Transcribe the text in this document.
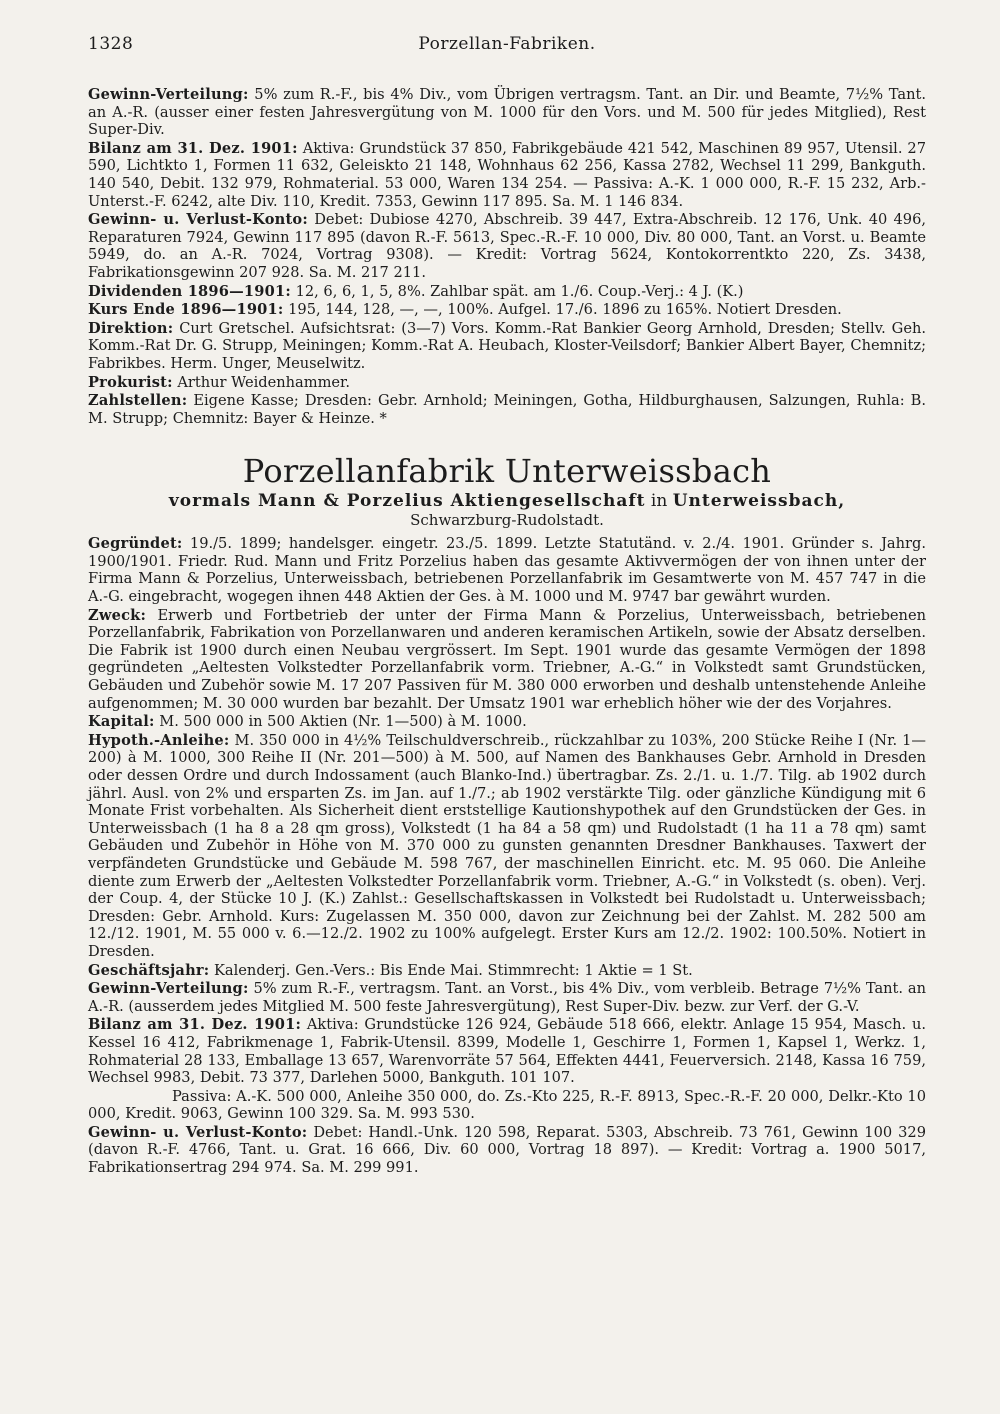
1328	Porzellan-Fabriken.

Gewinn-Verteilung: 5% zum R.-F., bis 4% Div., vom Übrigen vertragsm. Tant. an Dir. und Beamte, 7½% Tant. an A.-R. (ausser einer festen Jahresvergütung von M. 1000 für den Vors. und M. 500 für jedes Mitglied), Rest Super-Div.

Bilanz am 31. Dez. 1901: Aktiva: Grundstück 37 850, Fabrikgebäude 421 542, Maschinen 89 957, Utensil. 27 590, Lichtkto 1, Formen 11 632, Geleiskto 21 148, Wohnhaus 62 256, Kassa 2782, Wechsel 11 299, Bankguth. 140 540, Debit. 132 979, Rohmaterial. 53 000, Waren 134 254. — Passiva: A.-K. 1 000 000, R.-F. 15 232, Arb.-Unterst.-F. 6242, alte Div. 110, Kredit. 7353, Gewinn 117 895. Sa. M. 1 146 834.

Gewinn- u. Verlust-Konto: Debet: Dubiose 4270, Abschreib. 39 447, Extra-Abschreib. 12 176, Unk. 40 496, Reparaturen 7924, Gewinn 117 895 (davon R.-F. 5613, Spec.-R.-F. 10 000, Div. 80 000, Tant. an Vorst. u. Beamte 5949, do. an A.-R. 7024, Vortrag 9308). — Kredit: Vortrag 5624, Kontokorrentkto 220, Zs. 3438, Fabrikationsgewinn 207 928. Sa. M. 217 211.

Dividenden 1896—1901: 12, 6, 6, 1, 5, 8%. Zahlbar spät. am 1./6. Coup.-Verj.: 4 J. (K.)

Kurs Ende 1896—1901: 195, 144, 128, —, —, 100%. Aufgel. 17./6. 1896 zu 165%. Notiert Dresden.

Direktion: Curt Gretschel. Aufsichtsrat: (3—7) Vors. Komm.-Rat Bankier Georg Arnhold, Dresden; Stellv. Geh. Komm.-Rat Dr. G. Strupp, Meiningen; Komm.-Rat A. Heubach, Kloster-Veilsdorf; Bankier Albert Bayer, Chemnitz; Fabrikbes. Herm. Unger, Meuselwitz.

Prokurist: Arthur Weidenhammer.

Zahlstellen: Eigene Kasse; Dresden: Gebr. Arnhold; Meiningen, Gotha, Hildburghausen, Salzungen, Ruhla: B. M. Strupp; Chemnitz: Bayer & Heinze. *

Porzellanfabrik Unterweissbach
vormals Mann & Porzelius Aktiengesellschaft in Unterweissbach,
Schwarzburg-Rudolstadt.

Gegründet: 19./5. 1899; handelsger. eingetr. 23./5. 1899. Letzte Statutänd. v. 2./4. 1901. Gründer s. Jahrg. 1900/1901. Friedr. Rud. Mann und Fritz Porzelius haben das gesamte Aktivvermögen der von ihnen unter der Firma Mann & Porzelius, Unterweissbach, betriebenen Porzellanfabrik im Gesamtwerte von M. 457 747 in die A.-G. eingebracht, wogegen ihnen 448 Aktien der Ges. à M. 1000 und M. 9747 bar gewährt wurden.

Zweck: Erwerb und Fortbetrieb der unter der Firma Mann & Porzelius, Unterweissbach, betriebenen Porzellanfabrik, Fabrikation von Porzellanwaren und anderen keramischen Artikeln, sowie der Absatz derselben. Die Fabrik ist 1900 durch einen Neubau vergrössert. Im Sept. 1901 wurde das gesamte Vermögen der 1898 gegründeten „Aeltesten Volkstedter Porzellanfabrik vorm. Triebner, A.-G.“ in Volkstedt samt Grundstücken, Gebäuden und Zubehör sowie M. 17 207 Passiven für M. 380 000 erworben und deshalb untenstehende Anleihe aufgenommen; M. 30 000 wurden bar bezahlt. Der Umsatz 1901 war erheblich höher wie der des Vorjahres.

Kapital: M. 500 000 in 500 Aktien (Nr. 1—500) à M. 1000.

Hypoth.-Anleihe: M. 350 000 in 4½% Teilschuldverschreib., rückzahlbar zu 103%, 200 Stücke Reihe I (Nr. 1—200) à M. 1000, 300 Reihe II (Nr. 201—500) à M. 500, auf Namen des Bankhauses Gebr. Arnhold in Dresden oder dessen Ordre und durch Indossament (auch Blanko-Ind.) übertragbar. Zs. 2./1. u. 1./7. Tilg. ab 1902 durch jährl. Ausl. von 2% und ersparten Zs. im Jan. auf 1./7.; ab 1902 verstärkte Tilg. oder gänzliche Kündigung mit 6 Monate Frist vorbehalten. Als Sicherheit dient erststellige Kautionshypothek auf den Grundstücken der Ges. in Unterweissbach (1 ha 8 a 28 qm gross), Volkstedt (1 ha 84 a 58 qm) und Rudolstadt (1 ha 11 a 78 qm) samt Gebäuden und Zubehör in Höhe von M. 370 000 zu gunsten genannten Dresdner Bankhauses. Taxwert der verpfändeten Grundstücke und Gebäude M. 598 767, der maschinellen Einricht. etc. M. 95 060. Die Anleihe diente zum Erwerb der „Aeltesten Volkstedter Porzellanfabrik vorm. Triebner, A.-G.“ in Volkstedt (s. oben). Verj. der Coup. 4, der Stücke 10 J. (K.) Zahlst.: Gesellschaftskassen in Volkstedt bei Rudolstadt u. Unterweissbach; Dresden: Gebr. Arnhold. Kurs: Zugelassen M. 350 000, davon zur Zeichnung bei der Zahlst. M. 282 500 am 12./12. 1901, M. 55 000 v. 6.—12./2. 1902 zu 100% aufgelegt. Erster Kurs am 12./2. 1902: 100.50%. Notiert in Dresden.

Geschäftsjahr: Kalenderj. Gen.-Vers.: Bis Ende Mai. Stimmrecht: 1 Aktie = 1 St.

Gewinn-Verteilung: 5% zum R.-F., vertragsm. Tant. an Vorst., bis 4% Div., vom verbleib. Betrage 7½% Tant. an A.-R. (ausserdem jedes Mitglied M. 500 feste Jahresvergütung), Rest Super-Div. bezw. zur Verf. der G.-V.

Bilanz am 31. Dez. 1901: Aktiva: Grundstücke 126 924, Gebäude 518 666, elektr. Anlage 15 954, Masch. u. Kessel 16 412, Fabrikmenage 1, Fabrik-Utensil. 8399, Modelle 1, Geschirre 1, Formen 1, Kapsel 1, Werkz. 1, Rohmaterial 28 133, Emballage 13 657, Warenvorräte 57 564, Effekten 4441, Feuerversich. 2148, Kassa 16 759, Wechsel 9983, Debit. 73 377, Darlehen 5000, Bankguth. 101 107.

Passiva: A.-K. 500 000, Anleihe 350 000, do. Zs.-Kto 225, R.-F. 8913, Spec.-R.-F. 20 000, Delkr.-Kto 10 000, Kredit. 9063, Gewinn 100 329. Sa. M. 993 530.

Gewinn- u. Verlust-Konto: Debet: Handl.-Unk. 120 598, Reparat. 5303, Abschreib. 73 761, Gewinn 100 329 (davon R.-F. 4766, Tant. u. Grat. 16 666, Div. 60 000, Vortrag 18 897). — Kredit: Vortrag a. 1900 5017, Fabrikationsertrag 294 974. Sa. M. 299 991.
